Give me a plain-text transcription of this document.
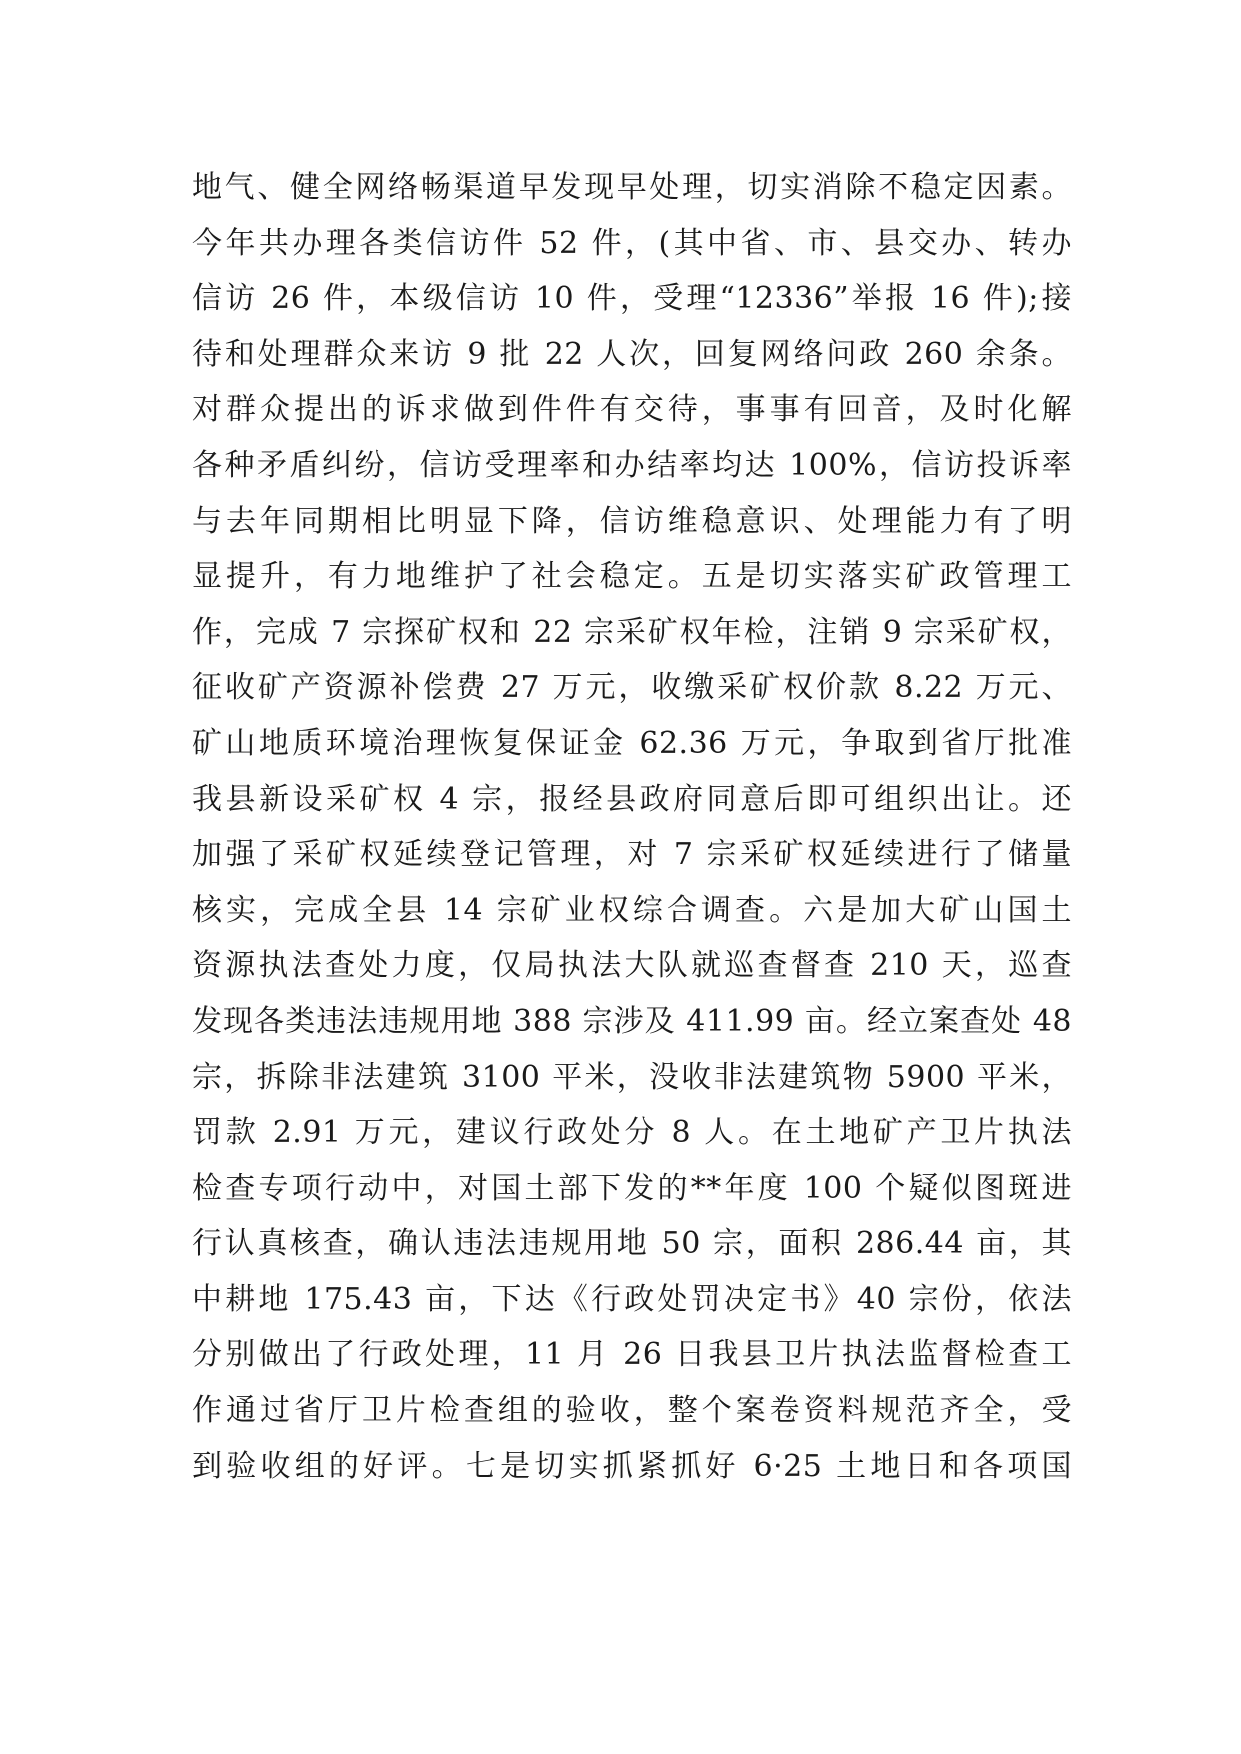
地气、健全网络畅渠道早发现早处理，切实消除不稳定因素。
今年共办理各类信访件 52 件，(其中省、市、县交办、转办
信访 26 件，本级信访 10 件，受理“12336”举报 16 件);接
待和处理群众来访 9 批 22 人次，回复网络问政 260 余条。
对群众提出的诉求做到件件有交待，事事有回音，及时化解
各种矛盾纠纷，信访受理率和办结率均达 100%，信访投诉率
与去年同期相比明显下降，信访维稳意识、处理能力有了明
显提升，有力地维护了社会稳定。五是切实落实矿政管理工
作，完成 7 宗探矿权和 22 宗采矿权年检，注销 9 宗采矿权，
征收矿产资源补偿费 27 万元，收缴采矿权价款 8.22 万元、
矿山地质环境治理恢复保证金 62.36 万元，争取到省厅批准
我县新设采矿权 4 宗，报经县政府同意后即可组织出让。还
加强了采矿权延续登记管理，对 7 宗采矿权延续进行了储量
核实，完成全县 14 宗矿业权综合调查。六是加大矿山国土
资源执法查处力度，仅局执法大队就巡查督查 210 天，巡查
发现各类违法违规用地 388 宗涉及 411.99 亩。经立案查处 48
宗，拆除非法建筑 3100 平米，没收非法建筑物 5900 平米，
罚款 2.91 万元，建议行政处分 8 人。在土地矿产卫片执法
检查专项行动中，对国土部下发的**年度 100 个疑似图斑进
行认真核查，确认违法违规用地 50 宗，面积 286.44 亩，其
中耕地 175.43 亩，下达《行政处罚决定书》40 宗份，依法
分别做出了行政处理，11 月 26 日我县卫片执法监督检查工
作通过省厅卫片检查组的验收，整个案卷资料规范齐全，受
到验收组的好评。七是切实抓紧抓好 6·25 土地日和各项国
